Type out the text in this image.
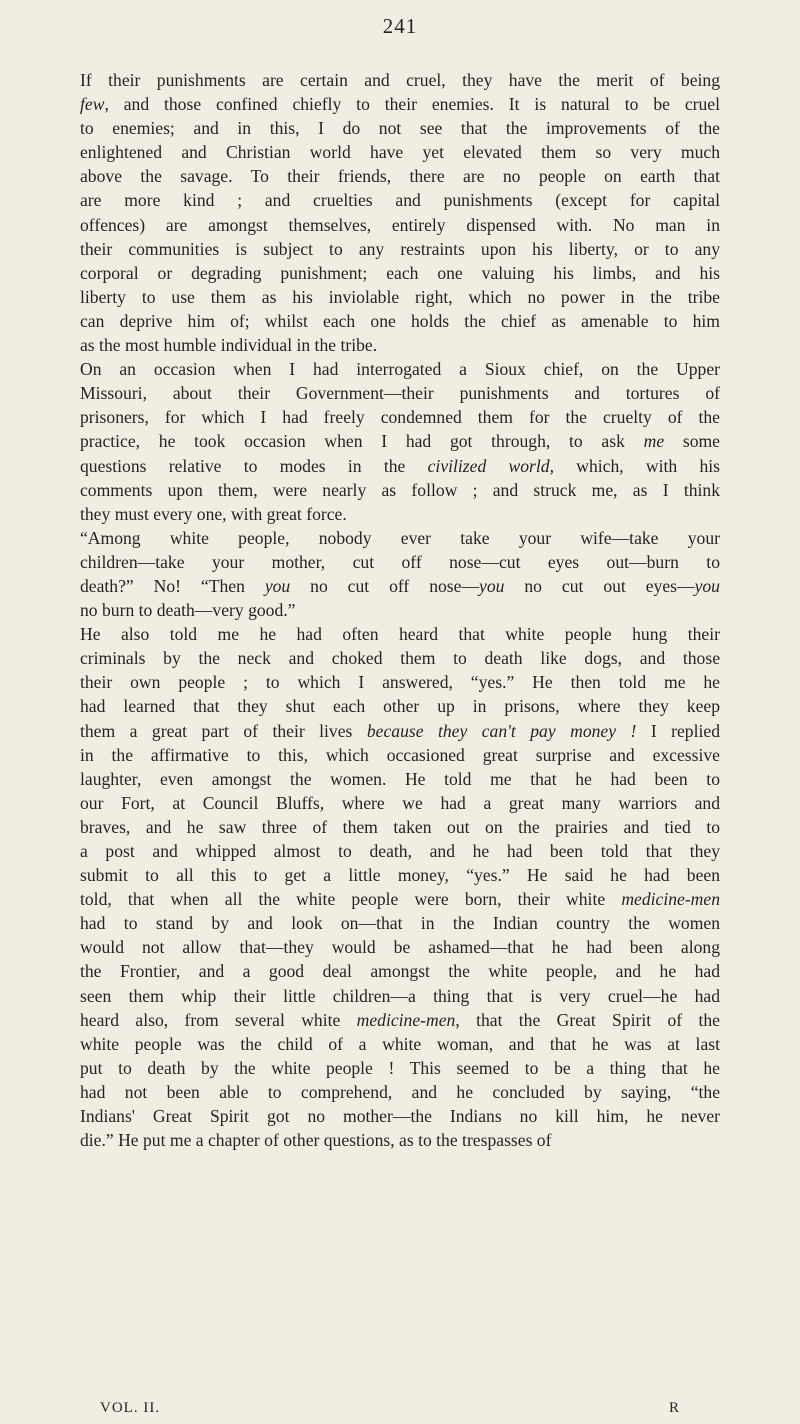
241
If their punishments are certain and cruel, they have the merit of being
few, and those confined chiefly to their enemies. It is natural to be cruel
to enemies; and in this, I do not see that the improvements of the
enlightened and Christian world have yet elevated them so very much
above the savage. To their friends, there are no people on earth that
are more kind ; and cruelties and punishments (except for capital
offences) are amongst themselves, entirely dispensed with. No man in
their communities is subject to any restraints upon his liberty, or to any
corporal or degrading punishment; each one valuing his limbs, and his
liberty to use them as his inviolable right, which no power in the tribe
can deprive him of; whilst each one holds the chief as amenable to him
as the most humble individual in the tribe.
On an occasion when I had interrogated a Sioux chief, on the Upper
Missouri, about their Government—their punishments and tortures of
prisoners, for which I had freely condemned them for the cruelty of the
practice, he took occasion when I had got through, to ask me some
questions relative to modes in the civilized world, which, with his
comments upon them, were nearly as follow ; and struck me, as I think
they must every one, with great force.
“Among white people, nobody ever take your wife—take your
children—take your mother, cut off nose—cut eyes out—burn to
death?” No! “Then you no cut off nose—you no cut out eyes—you
no burn to death—very good.”
He also told me he had often heard that white people hung their
criminals by the neck and choked them to death like dogs, and those
their own people ; to which I answered, “yes.” He then told me he
had learned that they shut each other up in prisons, where they keep
them a great part of their lives because they can't pay money ! I replied
in the affirmative to this, which occasioned great surprise and excessive
laughter, even amongst the women. He told me that he had been to
our Fort, at Council Bluffs, where we had a great many warriors and
braves, and he saw three of them taken out on the prairies and tied to
a post and whipped almost to death, and he had been told that they
submit to all this to get a little money, “yes.” He said he had been
told, that when all the white people were born, their white medicine-men
had to stand by and look on—that in the Indian country the women
would not allow that—they would be ashamed—that he had been along
the Frontier, and a good deal amongst the white people, and he had
seen them whip their little children—a thing that is very cruel—he had
heard also, from several white medicine-men, that the Great Spirit of the
white people was the child of a white woman, and that he was at last
put to death by the white people ! This seemed to be a thing that he
had not been able to comprehend, and he concluded by saying, “the
Indians' Great Spirit got no mother—the Indians no kill him, he never
die.” He put me a chapter of other questions, as to the trespasses of
VOL. II.	R
